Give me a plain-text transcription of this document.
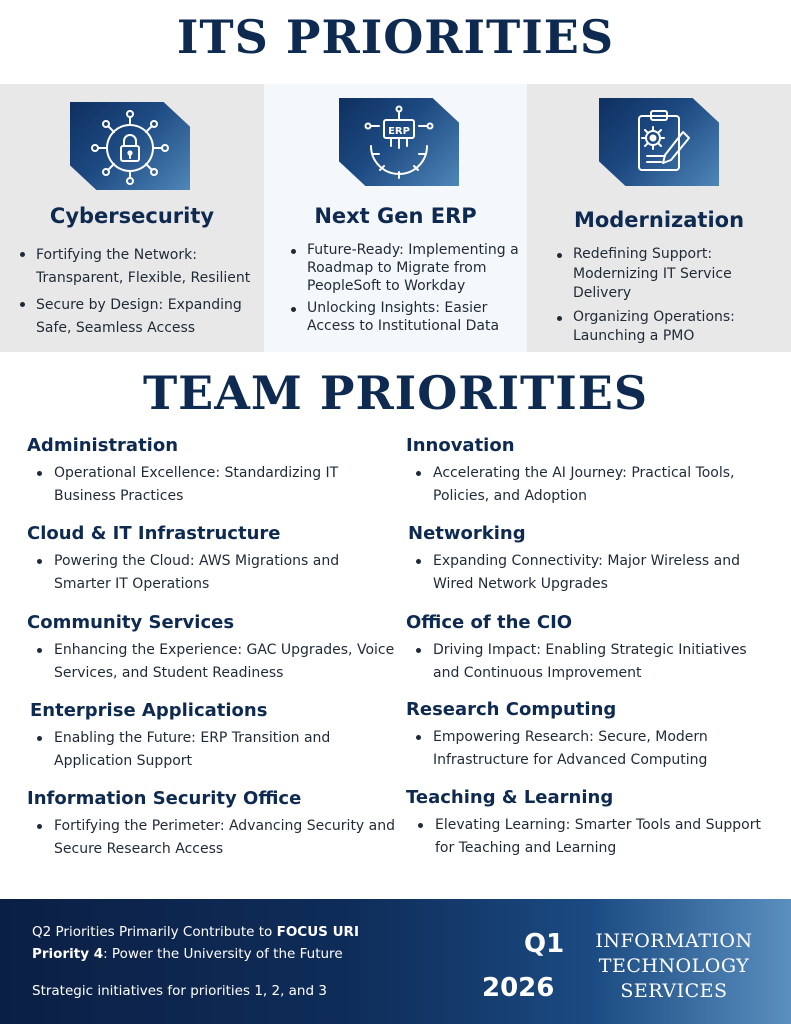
ITS PRIORITIES
Cybersecurity
Fortifying the Network: Transparent, Flexible, Resilient
Secure by Design: Expanding Safe, Seamless Access
ERP
Next Gen ERP
Future-Ready: Implementing a Roadmap to Migrate from PeopleSoft to Workday
Unlocking Insights: Easier Access to Institutional Data
Modernization
Redefining Support: Modernizing IT Service Delivery
Organizing Operations: Launching a PMO
TEAM PRIORITIES
Administration
Operational Excellence: Standardizing IT Business Practices
Cloud & IT Infrastructure
Powering the Cloud: AWS Migrations and Smarter IT Operations
Community Services
Enhancing the Experience: GAC Upgrades, Voice Services, and Student Readiness
Enterprise Applications
Enabling the Future: ERP Transition and Application Support
Information Security Office
Fortifying the Perimeter: Advancing Security and Secure Research Access
Innovation
Accelerating the AI Journey: Practical Tools, Policies, and Adoption
Networking
Expanding Connectivity: Major Wireless and Wired Network Upgrades
Office of the CIO
Driving Impact: Enabling Strategic Initiatives and Continuous Improvement
Research Computing
Empowering Research: Secure, Modern Infrastructure for Advanced Computing
Teaching & Learning
Elevating Learning: Smarter Tools and Support for Teaching and Learning
Q2 Priorities Primarily Contribute to FOCUS URI
Priority 4: Power the University of the Future
Strategic initiatives for priorities 1, 2, and 3
Q1
2026
INFORMATION
TECHNOLOGY
SERVICES
